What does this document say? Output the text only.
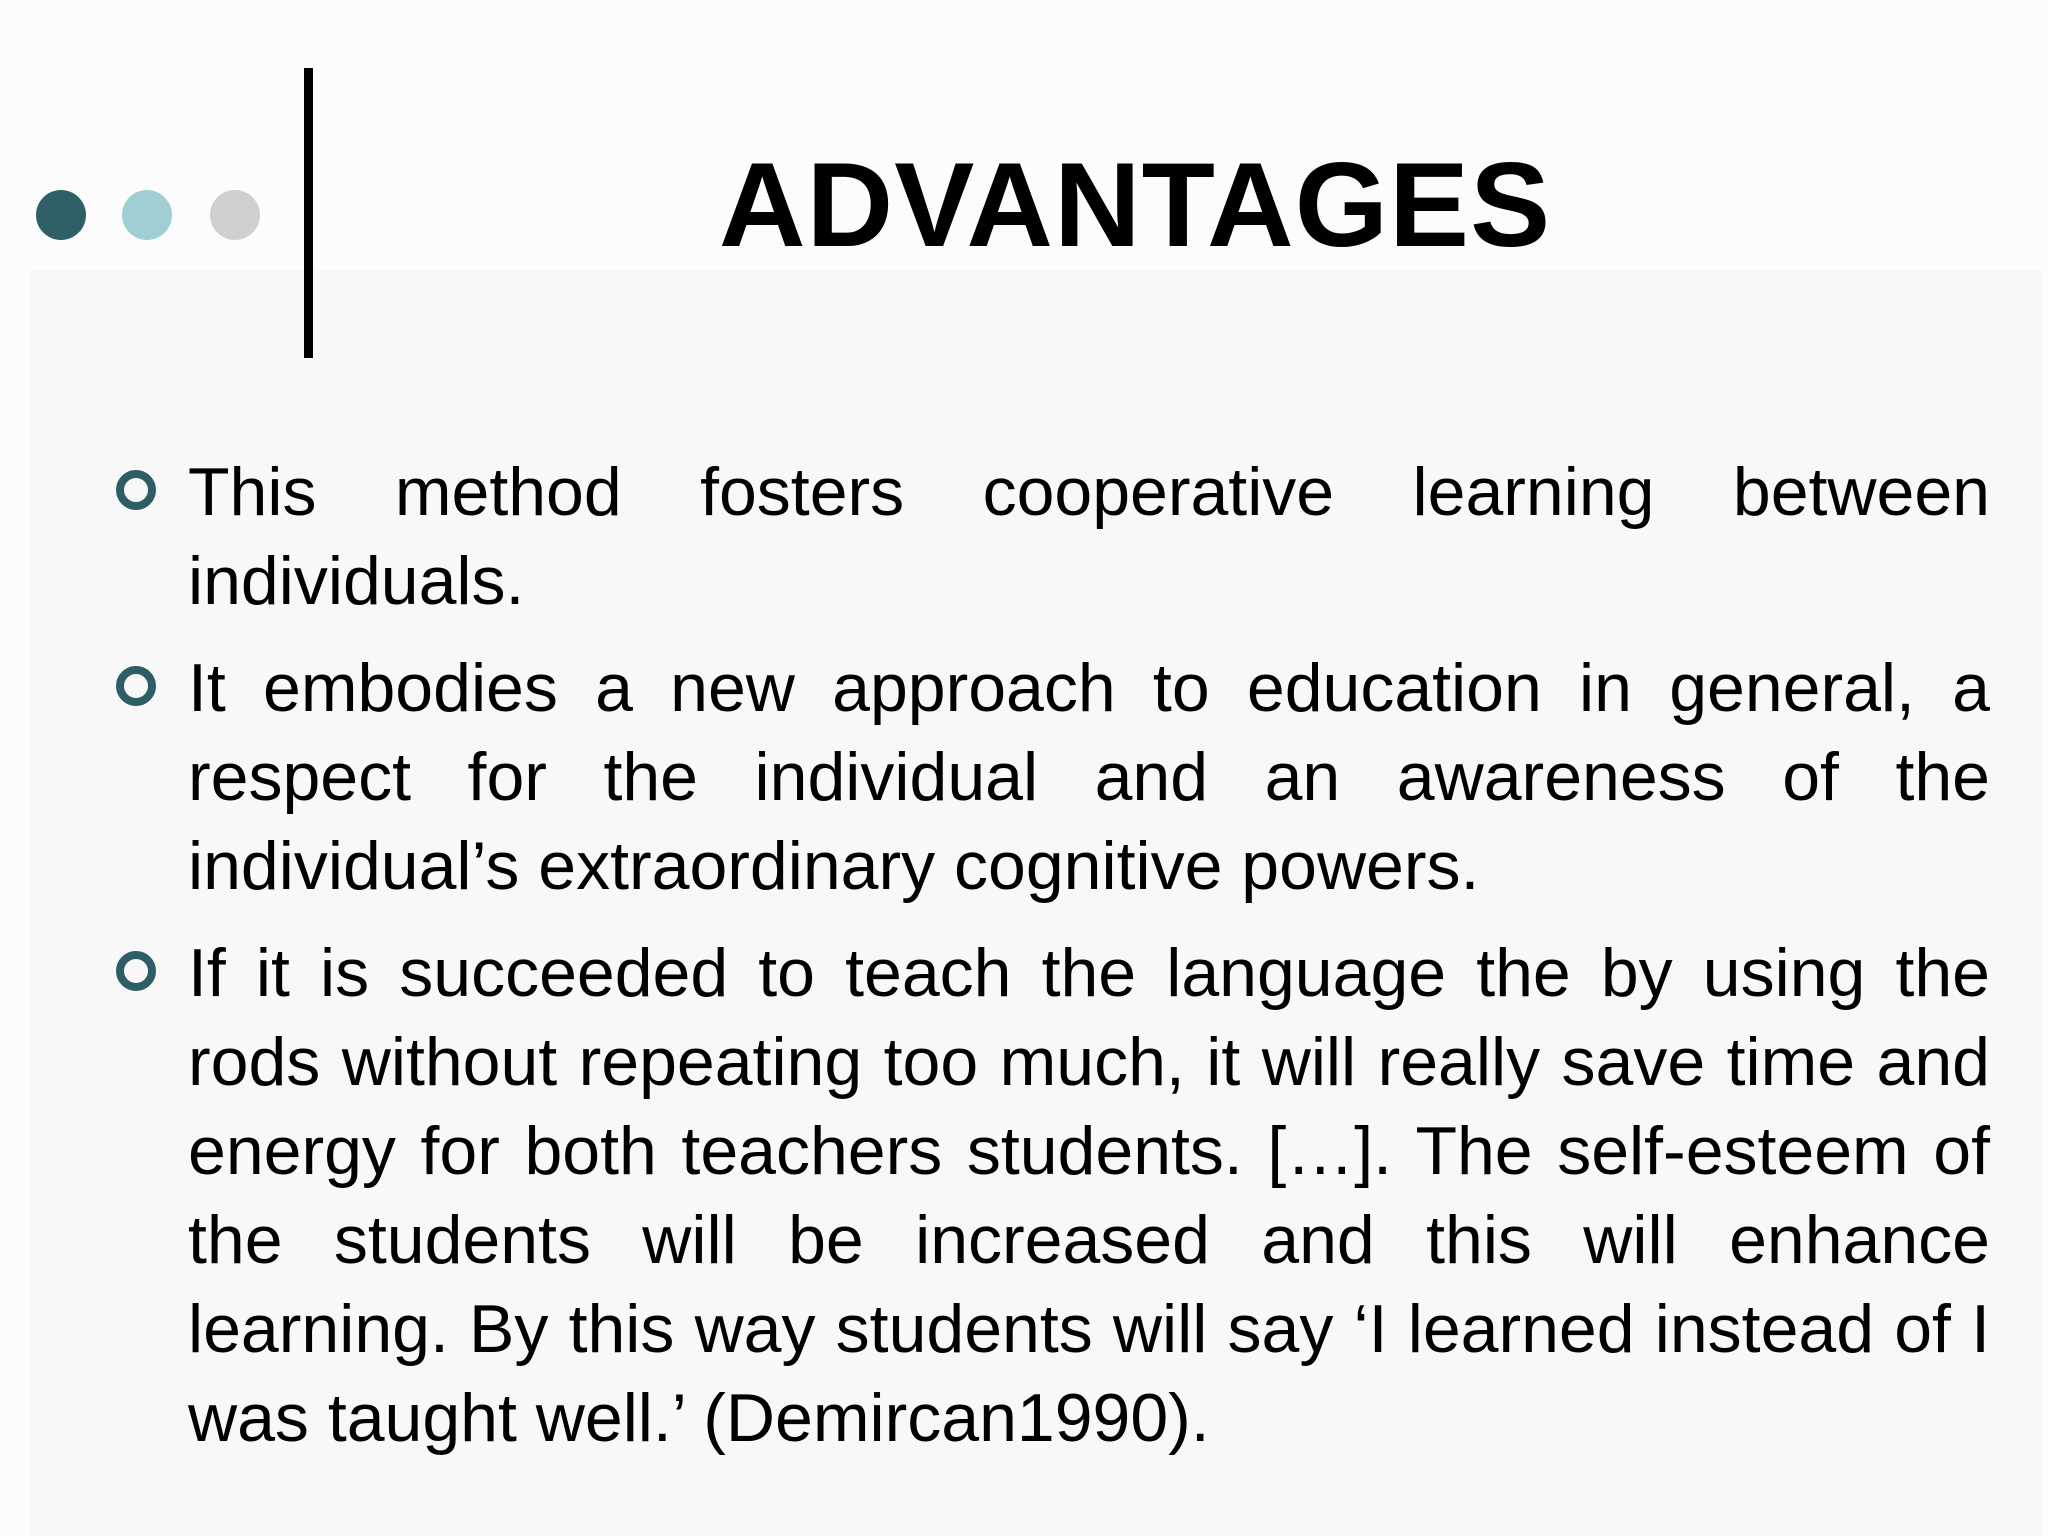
ADVANTAGES
This method fosters cooperative learning between individuals.
It embodies a new approach to education in general, a respect for the individual and an awareness of the individual’s extraordinary cognitive powers.
If it is succeeded to teach the language the by using the rods without repeating too much, it will really save time and energy for both teachers students. […]. The self-esteem of the students will be increased and this will enhance learning. By this way students will say ‘I learned instead of I was taught well.’ (Demircan1990).
